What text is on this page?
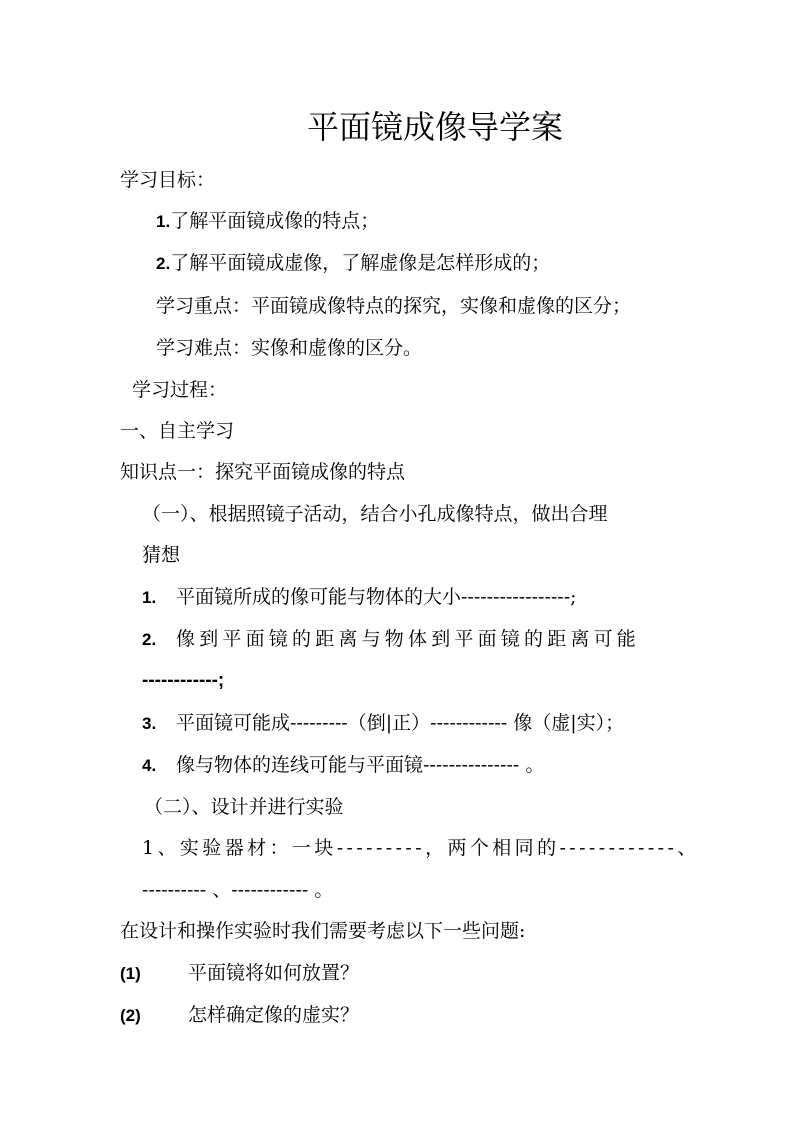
平面镜成像导学案
学习目标：
1.了解平面镜成像的特点；
2.了解平面镜成虚像，了解虚像是怎样形成的；
学习重点：平面镜成像特点的探究，实像和虚像的区分；
学习难点：实像和虚像的区分。
学习过程：
一、自主学习
知识点一：探究平面镜成像的特点
（一）、根据照镜子活动，结合小孔成像特点，做出合理
猜想
1. 平面镜所成的像可能与物体的大小-----------------;
2. 像到平面镜的距离与物体到平面镜的距离可能
------------;
3. 平面镜可能成---------（倒|正）------------ 像（虚|实）；
4. 像与物体的连线可能与平面镜--------------- 。
（二）、设计并进行实验
1、实验器材：一块---------，两个相同的------------、
---------- 、------------ 。
在设计和操作实验时我们需要考虑以下一些问题:
(1) 平面镜将如何放置？
(2) 怎样确定像的虚实？
